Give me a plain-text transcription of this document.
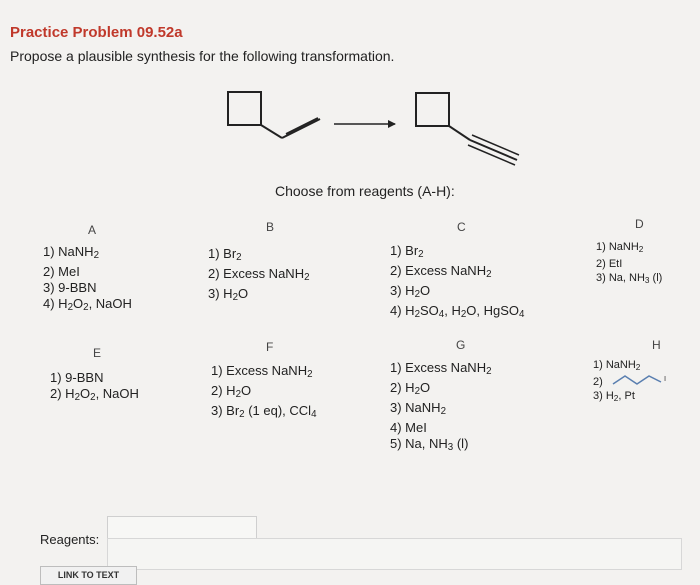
Practice Problem 09.52a
Propose a plausible synthesis for the following transformation.
Choose from reagents (A-H):
A
1) NaNH$_2$
2) MeI
3) 9-BBN
4) $H_2O_2$, NaOH
B
1) $Br_2$
2) Excess NaNH$_2$
3) $H_2O$
C
1) $Br_2$
2) Excess NaNH$_2$
3) $H_2O$
4) $H_2SO_4$, $H_2O$, HgSO$_4$
D
1) NaNH$_2$
2) EtI
3) Na, $NH_3$ (l)
E
1) 9-BBN
2) $H_2O_2$, NaOH
F
1) Excess NaNH$_2$
2) $H_2O$
3) $Br_2$ (1 eq), CCl$_4$
G
1) Excess NaNH$_2$
2) $H_2O$
3) NaNH$_2$
4) MeI
5) Na, $NH_3$ (l)
H
1) NaNH$_2$
2)	I
3) $H_2$, Pt
Reagents:
LINK TO TEXT
